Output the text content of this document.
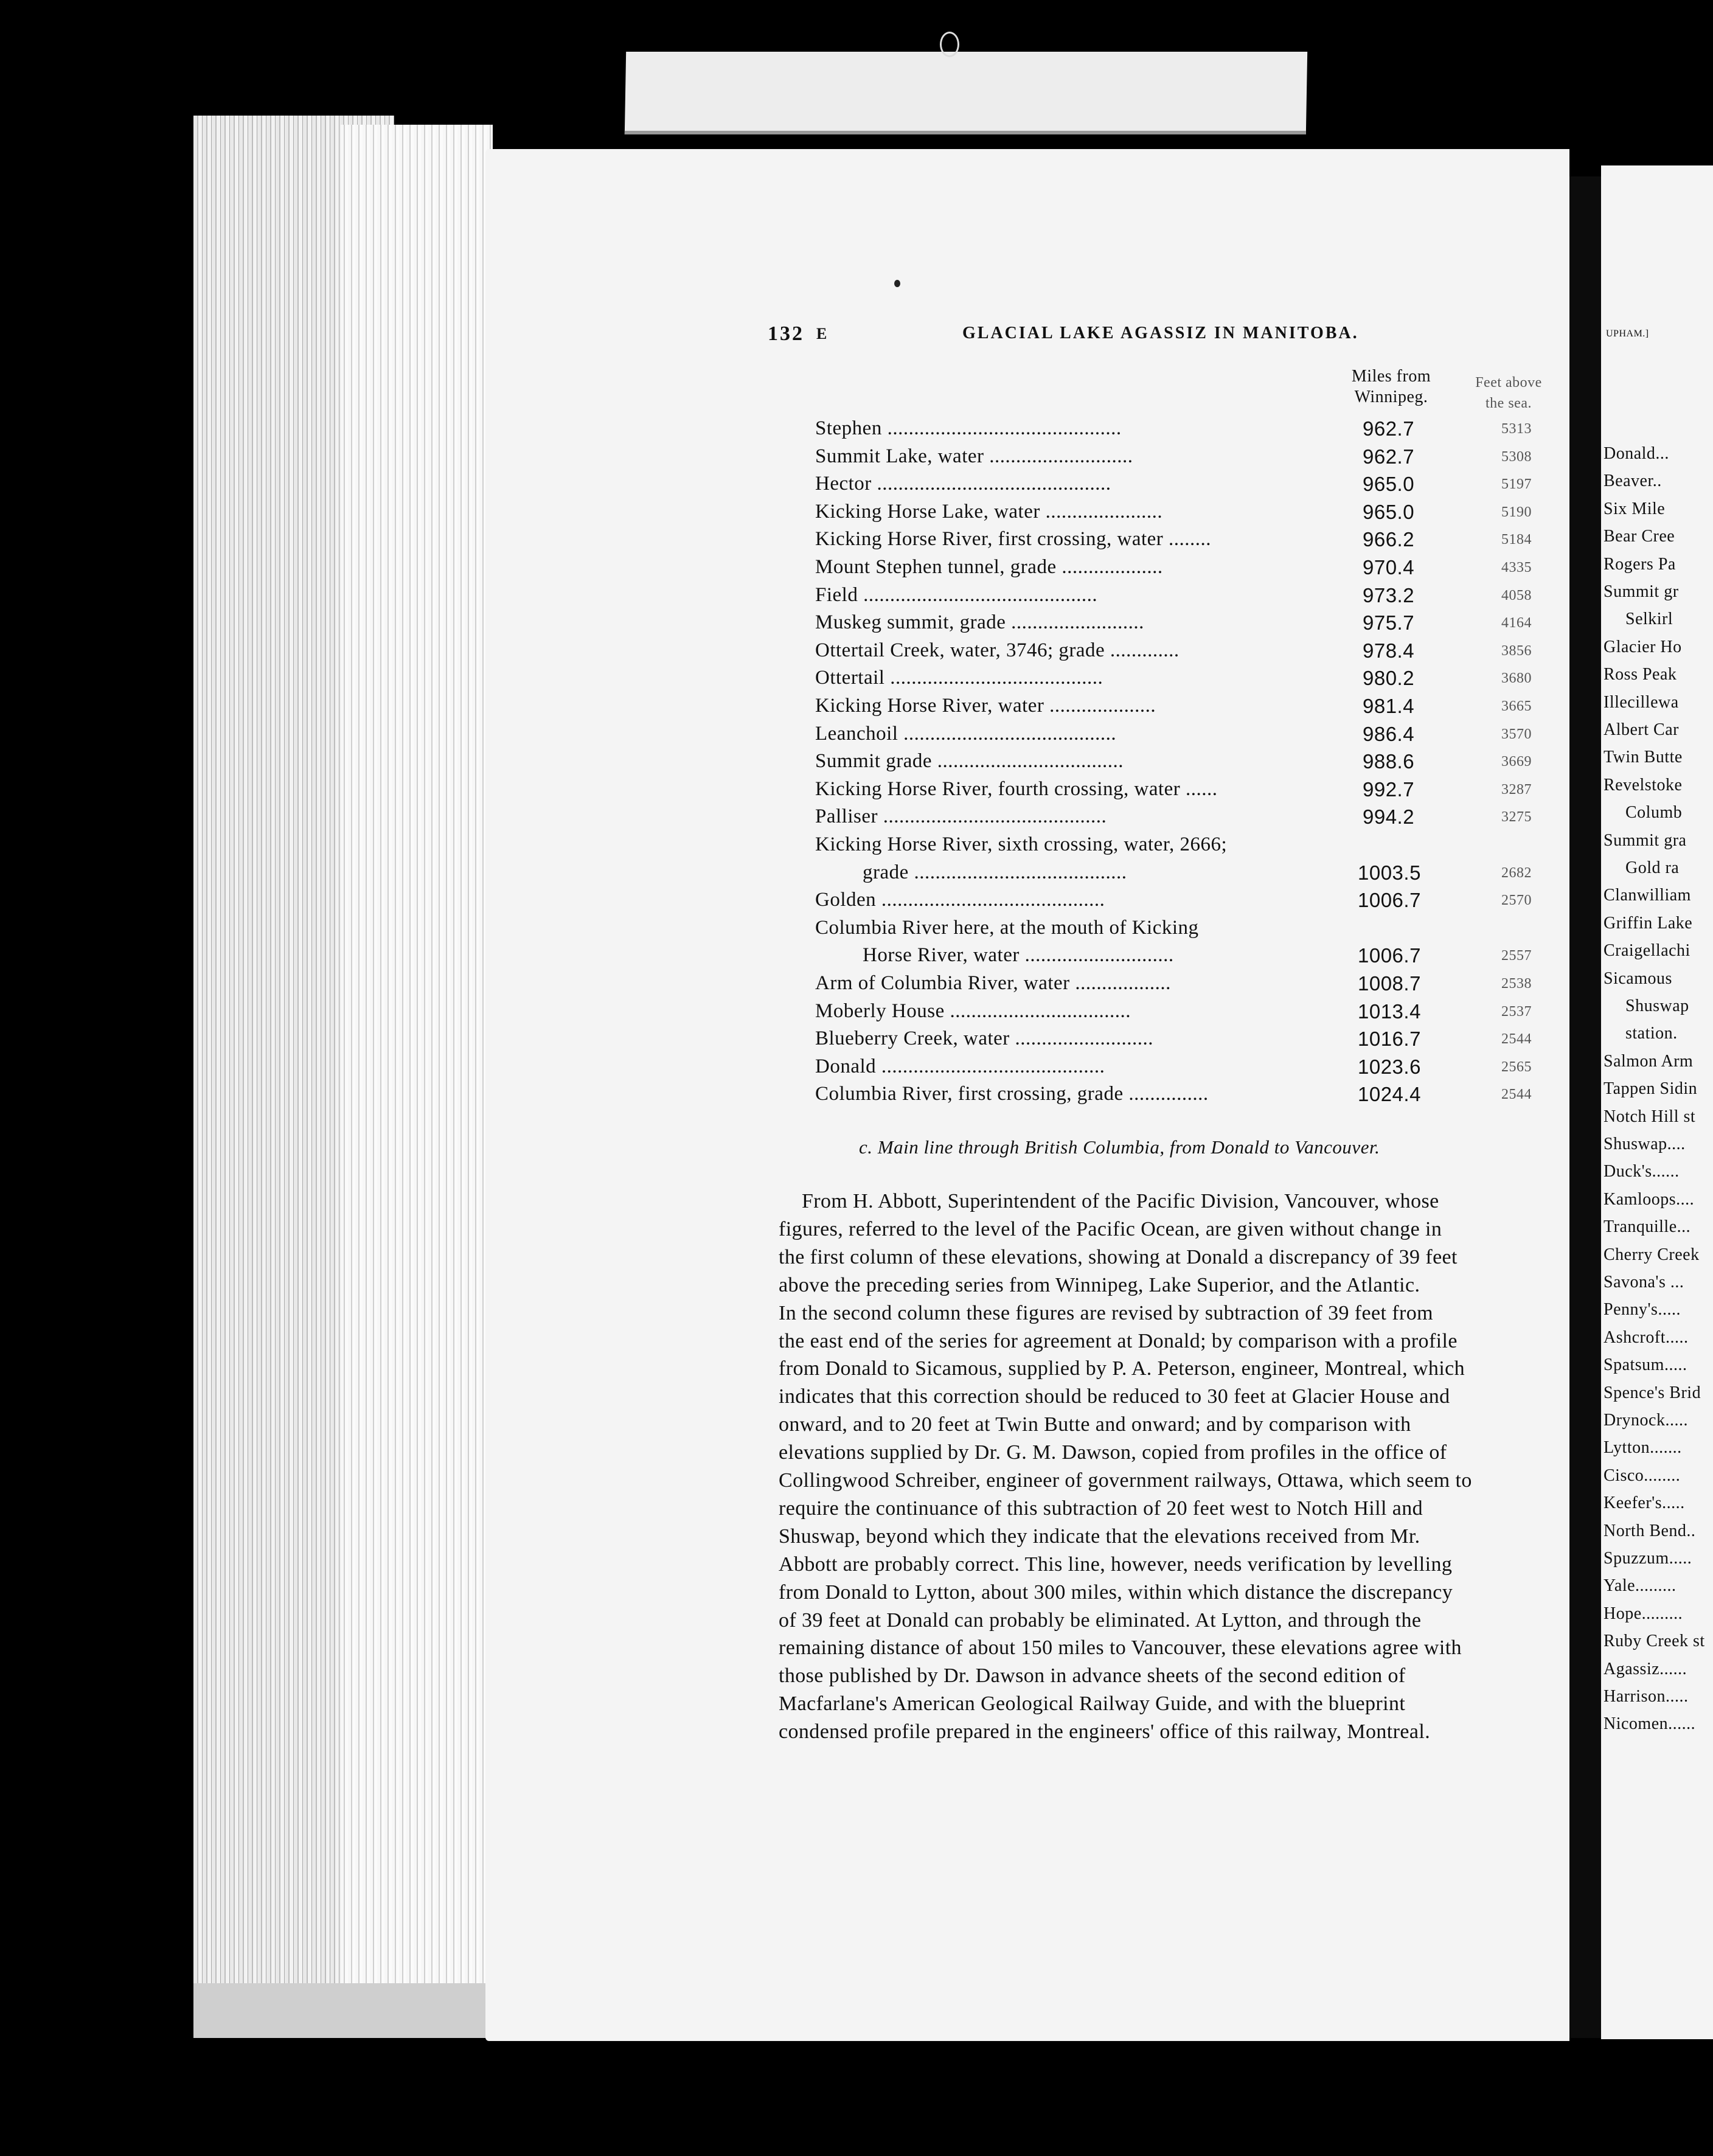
132 E	GLACIAL LAKE AGASSIZ IN MANITOBA.
Miles from
Winnipeg.
Feet above
the sea.
Stephen ............................................	962.7	5313
Summit Lake, water ...........................	962.7	5308
Hector ............................................	965.0	5197
Kicking Horse Lake, water ......................	965.0	5190
Kicking Horse River, first crossing, water ........	966.2	5184
Mount Stephen tunnel, grade ...................	970.4	4335
Field ............................................	973.2	4058
Muskeg summit, grade .........................	975.7	4164
Ottertail Creek, water, 3746; grade .............	978.4	3856
Ottertail ........................................	980.2	3680
Kicking Horse River, water ....................	981.4	3665
Leanchoil ........................................	986.4	3570
Summit grade ...................................	988.6	3669
Kicking Horse River, fourth crossing, water ......	992.7	3287
Palliser ..........................................	994.2	3275
Kicking Horse River, sixth crossing, water, 2666;
grade ........................................	1003.5	2682
Golden ..........................................	1006.7	2570
Columbia River here, at the mouth of Kicking
Horse River, water ............................	1006.7	2557
Arm of Columbia River, water ..................	1008.7	2538
Moberly House ..................................	1013.4	2537
Blueberry Creek, water ..........................	1016.7	2544
Donald ..........................................	1023.6	2565
Columbia River, first crossing, grade ...............	1024.4	2544
c. Main line through British Columbia, from Donald to Vancouver.
From H. Abbott, Superintendent of the Pacific Division, Vancouver, whose
figures, referred to the level of the Pacific Ocean, are given without change in
the first column of these elevations, showing at Donald a discrepancy of 39 feet
above the preceding series from Winnipeg, Lake Superior, and the Atlantic.
In the second column these figures are revised by subtraction of 39 feet from
the east end of the series for agreement at Donald; by comparison with a profile
from Donald to Sicamous, supplied by P. A. Peterson, engineer, Montreal, which
indicates that this correction should be reduced to 30 feet at Glacier House and
onward, and to 20 feet at Twin Butte and onward; and by comparison with
elevations supplied by Dr. G. M. Dawson, copied from profiles in the office of
Collingwood Schreiber, engineer of government railways, Ottawa, which seem to
require the continuance of this subtraction of 20 feet west to Notch Hill and
Shuswap, beyond which they indicate that the elevations received from Mr.
Abbott are probably correct. This line, however, needs verification by levelling
from Donald to Lytton, about 300 miles, within which distance the discrepancy
of 39 feet at Donald can probably be eliminated. At Lytton, and through the
remaining distance of about 150 miles to Vancouver, these elevations agree with
those published by Dr. Dawson in advance sheets of the second edition of
Macfarlane's American Geological Railway Guide, and with the blueprint
condensed profile prepared in the engineers' office of this railway, Montreal.
UPHAM.]
Donald...
Beaver..
Six Mile
Bear Cree
Rogers Pa
Summit gr
Selkirl
Glacier Ho
Ross Peak
Illecillewa
Albert Car
Twin Butte
Revelstoke
Columb
Summit gra
Gold ra
Clanwilliam
Griffin Lake
Craigellachi
Sicamous
Shuswap
station.
Salmon Arm
Tappen Sidin
Notch Hill st
Shuswap....
Duck's......
Kamloops....
Tranquille...
Cherry Creek
Savona's ...
Penny's.....
Ashcroft.....
Spatsum.....
Spence's Brid
Drynock.....
Lytton.......
Cisco........
Keefer's.....
North Bend..
Spuzzum.....
Yale.........
Hope.........
Ruby Creek st
Agassiz......
Harrison.....
Nicomen......
